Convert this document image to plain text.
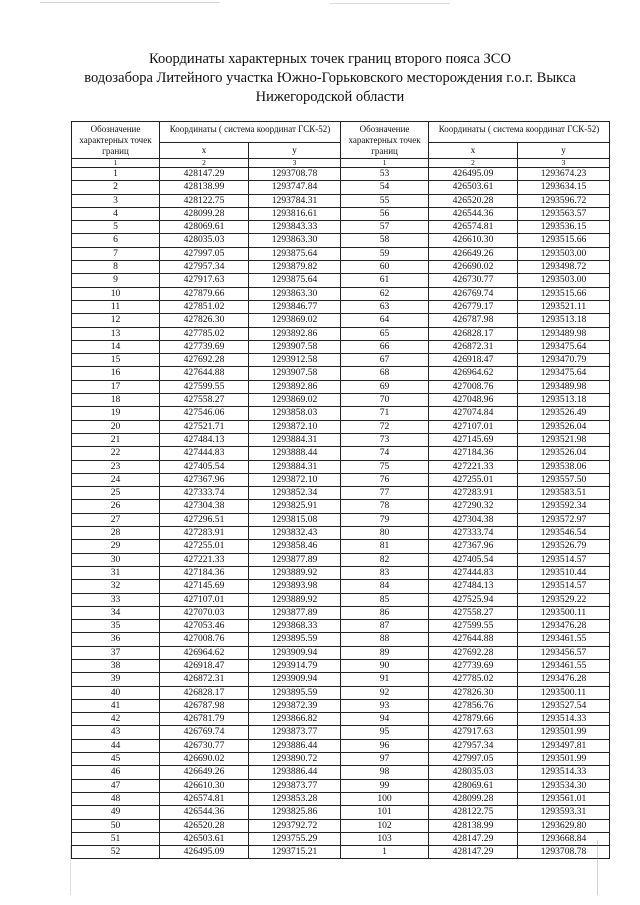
Координаты характерных точек границ второго пояса ЗСО
водозабора Литейного участка Южно-Горьковского месторождения г.о.г. Выкса
Нижегородской области
Обозначение характерных точек границ	Координаты ( система координат ГСК-52)		Обозначение характерных точек границ	Координаты ( система координат ГСК-52)	
	x	y		x	y
1	2	3	1	2	3
1	428147.29	1293708.78	53	426495.09	1293674.23
2	428138.99	1293747.84	54	426503.61	1293634.15
3	428122.75	1293784.31	55	426520.28	1293596.72
4	428099.28	1293816.61	56	426544.36	1293563.57
5	428069.61	1293843.33	57	426574.81	1293536.15
6	428035.03	1293863.30	58	426610.30	1293515.66
7	427997.05	1293875.64	59	426649.26	1293503.00
8	427957.34	1293879.82	60	426690.02	1293498.72
9	427917.63	1293875.64	61	426730.77	1293503.00
10	427879.66	1293863.30	62	426769.74	1293515.66
11	427851.02	1293846.77	63	426779.17	1293521.11
12	427826.30	1293869.02	64	426787.98	1293513.18
13	427785.02	1293892.86	65	426828.17	1293489.98
14	427739.69	1293907.58	66	426872.31	1293475.64
15	427692.28	1293912.58	67	426918.47	1293470.79
16	427644.88	1293907.58	68	426964.62	1293475.64
17	427599.55	1293892.86	69	427008.76	1293489.98
18	427558.27	1293869.02	70	427048.96	1293513.18
19	427546.06	1293858.03	71	427074.84	1293526.49
20	427521.71	1293872.10	72	427107.01	1293526.04
21	427484.13	1293884.31	73	427145.69	1293521.98
22	427444.83	1293888.44	74	427184.36	1293526.04
23	427405.54	1293884.31	75	427221.33	1293538.06
24	427367.96	1293872.10	76	427255.01	1293557.50
25	427333.74	1293852.34	77	427283.91	1293583.51
26	427304.38	1293825.91	78	427290.32	1293592.34
27	427296.51	1293815.08	79	427304.38	1293572.97
28	427283.91	1293832.43	80	427333.74	1293546.54
29	427255.01	1293858.46	81	427367.96	1293526.79
30	427221.33	1293877.89	82	427405.54	1293514.57
31	427184.36	1293889.92	83	427444.83	1293510.44
32	427145.69	1293893.98	84	427484.13	1293514.57
33	427107.01	1293889.92	85	427525.94	1293529.22
34	427070.03	1293877.89	86	427558.27	1293500.11
35	427053.46	1293868.33	87	427599.55	1293476.28
36	427008.76	1293895.59	88	427644.88	1293461.55
37	426964.62	1293909.94	89	427692.28	1293456.57
38	426918.47	1293914.79	90	427739.69	1293461.55
39	426872.31	1293909.94	91	427785.02	1293476.28
40	426828.17	1293895.59	92	427826.30	1293500.11
41	426787.98	1293872.39	93	427856.76	1293527.54
42	426781.79	1293866.82	94	427879.66	1293514.33
43	426769.74	1293873.77	95	427917.63	1293501.99
44	426730.77	1293886.44	96	427957.34	1293497.81
45	426690.02	1293890.72	97	427997.05	1293501.99
46	426649.26	1293886.44	98	428035.03	1293514.33
47	426610.30	1293873.77	99	428069.61	1293534.30
48	426574.81	1293853.28	100	428099.28	1293561.01
49	426544.36	1293825.86	101	428122.75	1293593.31
50	426520.28	1293792.72	102	428138.99	1293629.80
51	426503.61	1293755.29	103	428147.29	1293668.84
52	426495.09	1293715.21	1	428147.29	1293708.78
